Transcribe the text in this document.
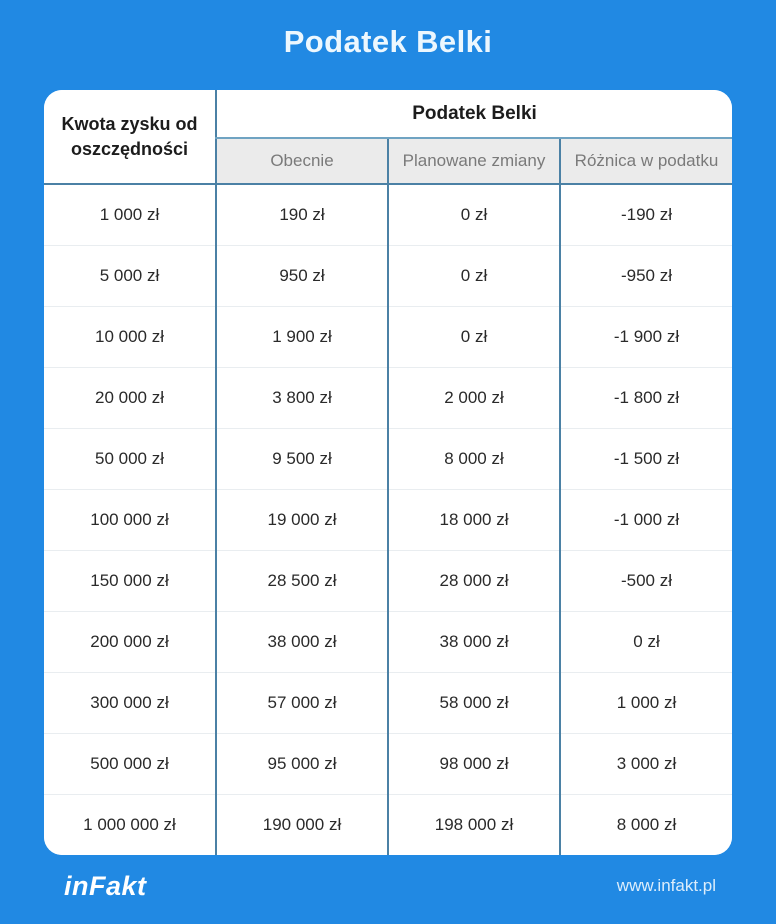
Podatek Belki
Kwota zysku od oszczędności	Podatek Belki		
	Obecnie	Planowane zmiany	Różnica w podatku
1 000 zł	190 zł	0 zł	-190 zł
5 000 zł	950 zł	0 zł	-950 zł
10 000 zł	1 900 zł	0 zł	-1 900 zł
20 000 zł	3 800 zł	2 000 zł	-1 800 zł
50 000 zł	9 500 zł	8 000 zł	-1 500 zł
100 000 zł	19 000 zł	18 000 zł	-1 000 zł
150 000 zł	28 500 zł	28 000 zł	-500 zł
200 000 zł	38 000 zł	38 000 zł	0 zł
300 000 zł	57 000 zł	58 000 zł	1 000 zł
500 000 zł	95 000 zł	98 000 zł	3 000 zł
1 000 000 zł	190 000 zł	198 000 zł	8 000 zł
inFakt	www.infakt.pl
